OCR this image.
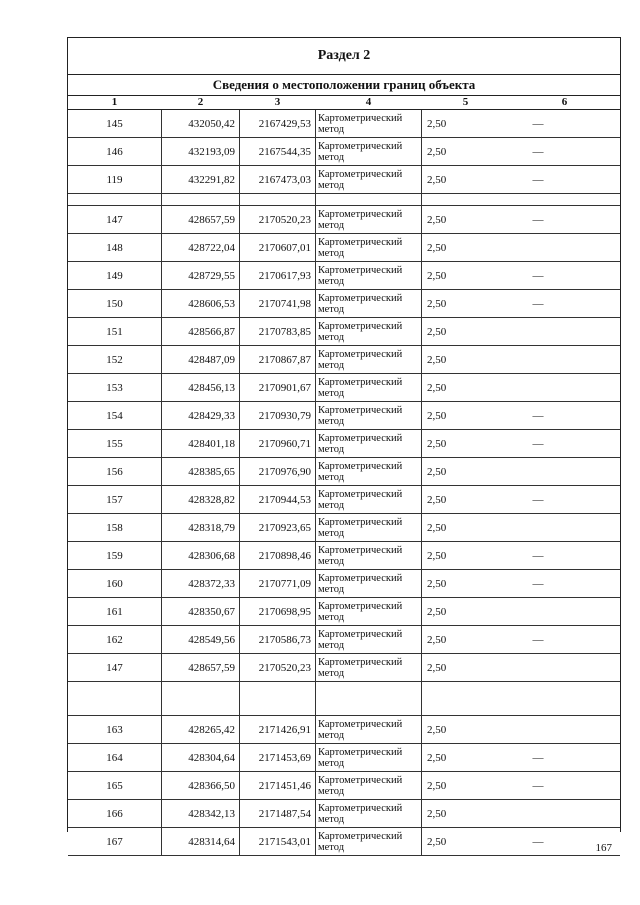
Раздел 2
Сведения о местоположении границ объекта
1	2	3	4	5	6
145	432050,42	2167429,53 Картометрический метод	2,50	—
146	432193,09	2167544,35 Картометрический метод	2,50	—
119	432291,82	2167473,03 Картометрический метод	2,50	—
147	428657,59	2170520,23 Картометрический метод	2,50	—
148	428722,04	2170607,01 Картометрический метод	2,50
149	428729,55	2170617,93 Картометрический метод	2,50	—
150	428606,53	2170741,98 Картометрический метод	2,50	—
151	428566,87	2170783,85 Картометрический метод	2,50
152	428487,09	2170867,87 Картометрический метод	2,50
153	428456,13	2170901,67 Картометрический метод	2,50
154	428429,33	2170930,79 Картометрический метод	2,50	—
155	428401,18	2170960,71 Картометрический метод	2,50	—
156	428385,65	2170976,90 Картометрический метод	2,50
157	428328,82	2170944,53 Картометрический метод	2,50	—
158	428318,79	2170923,65 Картометрический метод	2,50
159	428306,68	2170898,46 Картометрический метод	2,50	—
160	428372,33	2170771,09 Картометрический метод	2,50	—
161	428350,67	2170698,95 Картометрический метод	2,50
162	428549,56	2170586,73 Картометрический метод	2,50	—
147	428657,59	2170520,23 Картометрический метод	2,50
163	428265,42	2171426,91 Картометрический метод	2,50
164	428304,64	2171453,69 Картометрический метод	2,50	—
165	428366,50	2171451,46 Картометрический метод	2,50	—
166	428342,13	2171487,54 Картометрический метод	2,50
167	428314,64	2171543,01 Картометрический метод	2,50	—
167
